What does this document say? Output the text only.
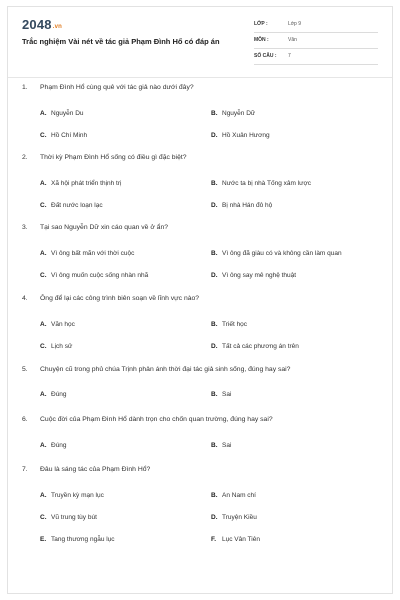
2048.vn
Trắc nghiệm Vài nét về tác giả Phạm Đình Hổ có đáp án
LỚP :	Lớp 9
MÔN :	Văn
SỐ CÂU : 7
1. Phạm Đình Hổ cùng quê với tác giả nào dưới đây?
A. Nguyễn Du	B. Nguyễn Dữ
C. Hồ Chí Minh	D. Hồ Xuân Hương
2. Thời kỳ Phạm Đình Hổ sống có điều gì đặc biệt?
A. Xã hội phát triển thịnh trị	B. Nước ta bị nhà Tống xâm lược
C. Đất nước loạn lạc	D. Bị nhà Hán đô hộ
3. Tại sao Nguyễn Dữ xin cáo quan về ở ẩn?
A. Vì ông bất mãn với thời cuộc	B. Vì ông đã giàu có và không cần làm quan
C. Vì ông muốn cuộc sống nhàn nhã	D. Vì ông say mê nghệ thuật
4. Ông để lại các công trình biên soạn về lĩnh vực nào?
A. Văn học	B. Triết học
C. Lịch sử	D. Tất cả các phương án trên
5. Chuyện cũ trong phủ chúa Trịnh phản ánh thời đại tác giả sinh sống, đúng hay sai?
A. Đúng	B. Sai
6. Cuộc đời của Phạm Đình Hổ dành trọn cho chốn quan trường, đúng hay sai?
A. Đúng	B. Sai
7. Đâu là sáng tác của Phạm Đình Hổ?
A. Truyền kỳ mạn lục	B. An Nam chí
C. Vũ trung tùy bút	D. Truyện Kiều
E. Tang thương ngẫu lục	F. Lục Vân Tiên
